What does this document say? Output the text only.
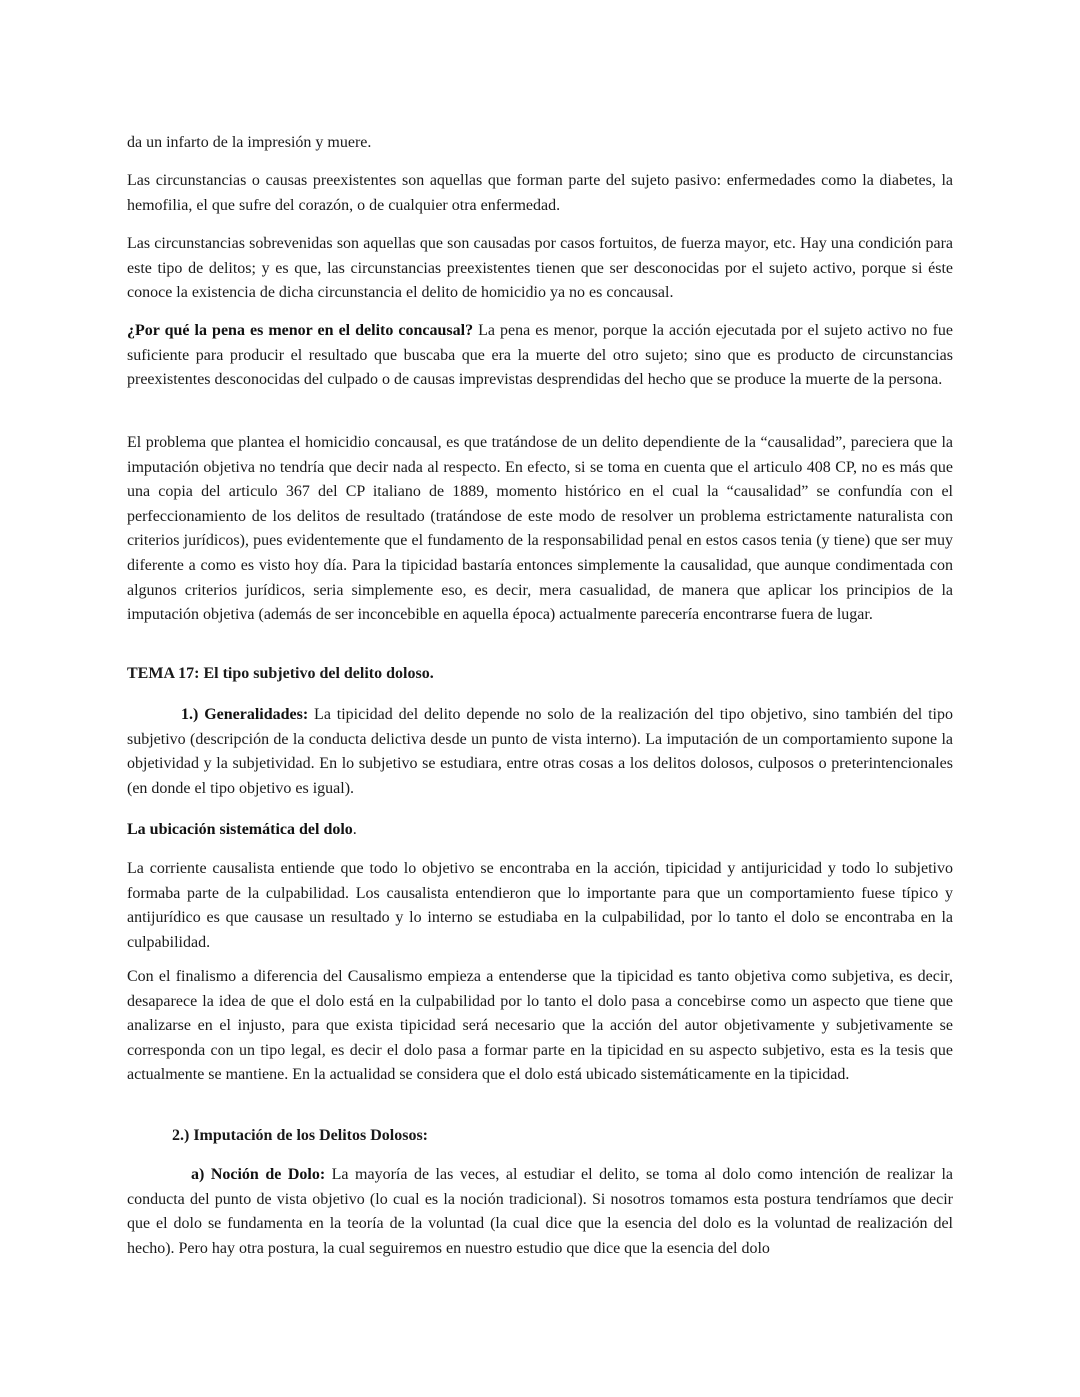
da un infarto de la impresión y muere.
Las circunstancias o causas preexistentes son aquellas que forman parte del sujeto pasivo: enfermedades como la diabetes, la hemofilia, el que sufre del corazón, o de cualquier otra enfermedad.
Las circunstancias sobrevenidas son aquellas que son causadas por casos fortuitos, de fuerza mayor, etc. Hay una condición para este tipo de delitos; y es que, las circunstancias preexistentes tienen que ser desconocidas por el sujeto activo, porque si éste conoce la existencia de dicha circunstancia el delito de homicidio ya no es concausal.
¿Por qué la pena es menor en el delito concausal? La pena es menor, porque la acción ejecutada por el sujeto activo no fue suficiente para producir el resultado que buscaba que era la muerte del otro sujeto; sino que es producto de circunstancias preexistentes desconocidas del culpado o de causas imprevistas desprendidas del hecho que se produce la muerte de la persona.
El problema que plantea el homicidio concausal, es que tratándose de un delito dependiente de la “causalidad”, pareciera que la imputación objetiva no tendría que decir nada al respecto. En efecto, si se toma en cuenta que el articulo 408 CP, no es más que una copia del articulo 367 del CP italiano de 1889, momento histórico en el cual la “causalidad” se confundía con el perfeccionamiento de los delitos de resultado (tratándose de este modo de resolver un problema estrictamente naturalista con criterios jurídicos), pues evidentemente que el fundamento de la responsabilidad penal en estos casos tenia (y tiene) que ser muy diferente a como es visto hoy día. Para la tipicidad bastaría entonces simplemente la causalidad, que aunque condimentada con algunos criterios jurídicos, seria simplemente eso, es decir, mera casualidad, de manera que aplicar los principios de la imputación objetiva (además de ser inconcebible en aquella época) actualmente parecería encontrarse fuera de lugar.
TEMA 17: El tipo subjetivo del delito doloso.
1.) Generalidades: La tipicidad del delito depende no solo de la realización del tipo objetivo, sino también del tipo subjetivo (descripción de la conducta delictiva desde un punto de vista interno). La imputación de un comportamiento supone la objetividad y la subjetividad. En lo subjetivo se estudiara, entre otras cosas a los delitos dolosos, culposos o preterintencionales (en donde el tipo objetivo es igual).
La ubicación sistemática del dolo.
La corriente causalista entiende que todo lo objetivo se encontraba en la acción, tipicidad y antijuricidad y todo lo subjetivo formaba parte de la culpabilidad. Los causalista entendieron que lo importante para que un comportamiento fuese típico y antijurídico es que causase un resultado y lo interno se estudiaba en la culpabilidad, por lo tanto el dolo se encontraba en la culpabilidad.
Con el finalismo a diferencia del Causalismo empieza a entenderse que la tipicidad es tanto objetiva como subjetiva, es decir, desaparece la idea de que el dolo está en la culpabilidad por lo tanto el dolo pasa a concebirse como un aspecto que tiene que analizarse en el injusto, para que exista tipicidad será necesario que la acción del autor objetivamente y subjetivamente se corresponda con un tipo legal, es decir el dolo pasa a formar parte en la tipicidad en su aspecto subjetivo, esta es la tesis que actualmente se mantiene. En la actualidad se considera que el dolo está ubicado sistemáticamente en la tipicidad.
2.) Imputación de los Delitos Dolosos:
a) Noción de Dolo: La mayoría de las veces, al estudiar el delito, se toma al dolo como intención de realizar la conducta del punto de vista objetivo (lo cual es la noción tradicional). Si nosotros tomamos esta postura tendríamos que decir que el dolo se fundamenta en la teoría de la voluntad (la cual dice que la esencia del dolo es la voluntad de realización del hecho). Pero hay otra postura, la cual seguiremos en nuestro estudio que dice que la esencia del dolo
